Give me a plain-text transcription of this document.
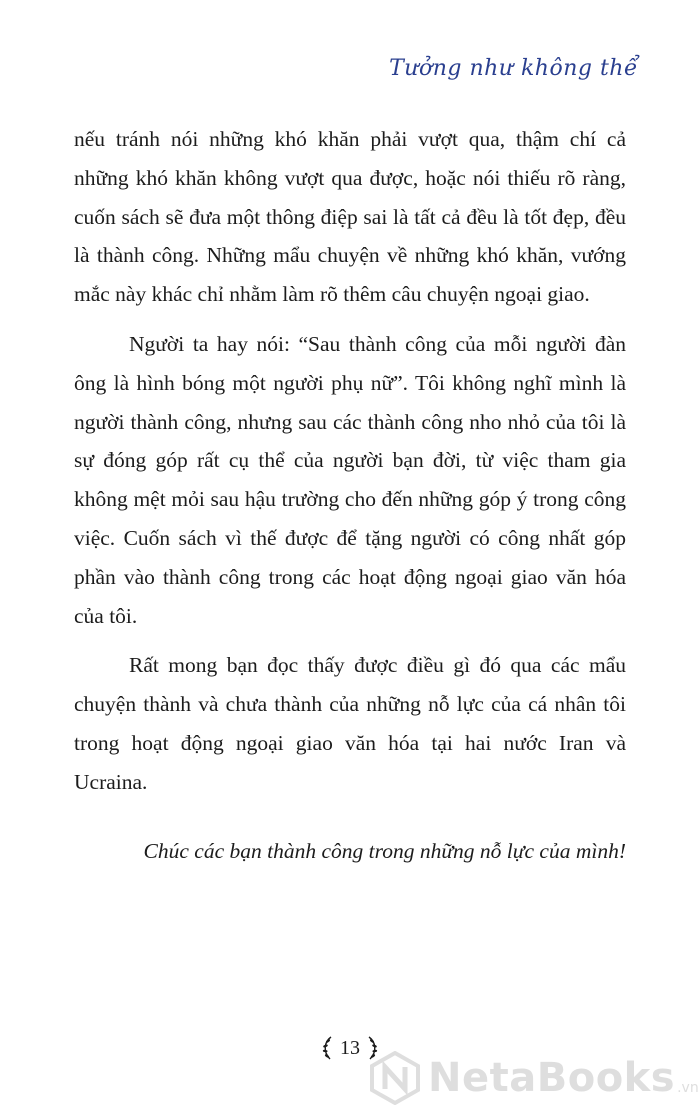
Tưởng như không thể

nếu tránh nói những khó khăn phải vượt qua, thậm chí cả những khó khăn không vượt qua được, hoặc nói thiếu rõ ràng, cuốn sách sẽ đưa một thông điệp sai là tất cả đều là tốt đẹp, đều là thành công. Những mẩu chuyện về những khó khăn, vướng mắc này khác chỉ nhằm làm rõ thêm câu chuyện ngoại giao.

Người ta hay nói: “Sau thành công của mỗi người đàn ông là hình bóng một người phụ nữ”. Tôi không nghĩ mình là người thành công, nhưng sau các thành công nho nhỏ của tôi là sự đóng góp rất cụ thể của người bạn đời, từ việc tham gia không mệt mỏi sau hậu trường cho đến những góp ý trong công việc. Cuốn sách vì thế được để tặng người có công nhất góp phần vào thành công trong các hoạt động ngoại giao văn hóa của tôi.

Rất mong bạn đọc thấy được điều gì đó qua các mẩu chuyện thành và chưa thành của những nỗ lực của cá nhân tôi trong hoạt động ngoại giao văn hóa tại hai nước Iran và Ucraina.

Chúc các bạn thành công trong những nỗ lực của mình!

13
NetaBooks .vn
